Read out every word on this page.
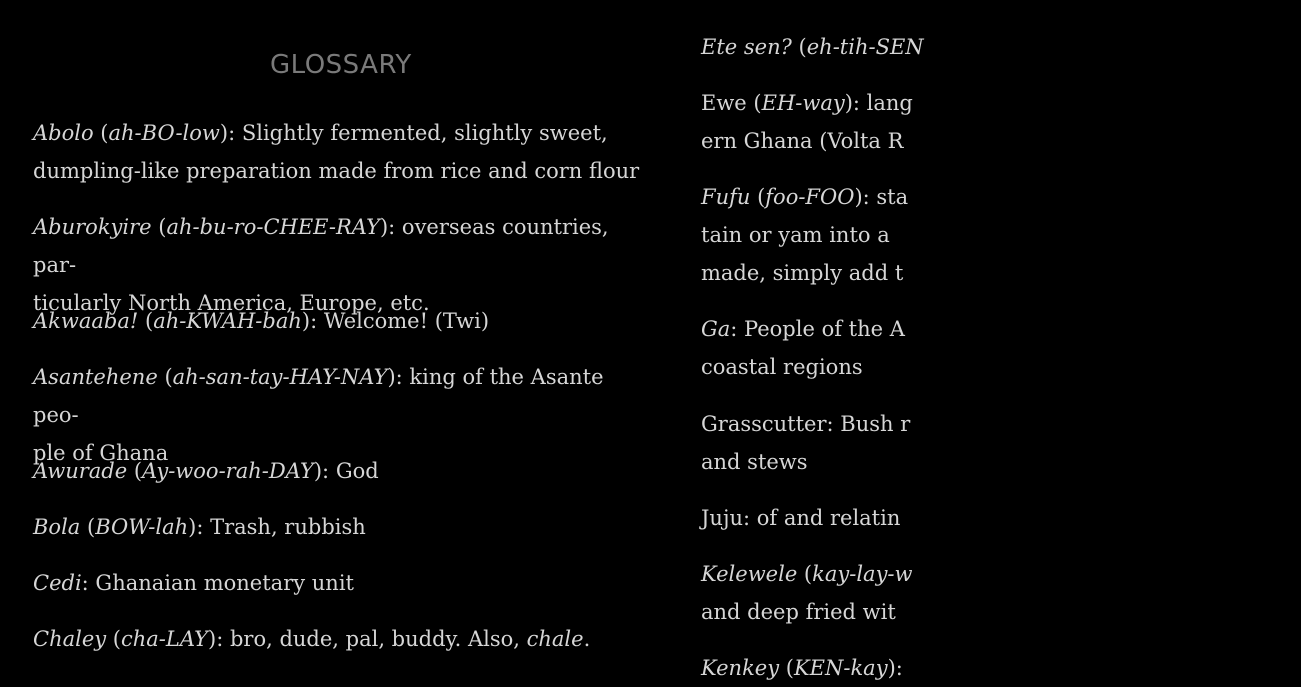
GLOSSARY
Abolo (ah-BO-low): Slightly fermented, slightly sweet,
dumpling-like preparation made from rice and corn flour
Aburokyire (ah-bu-ro-CHEE-RAY): overseas countries, par-
ticularly North America, Europe, etc.
Akwaaba! (ah-KWAH-bah): Welcome! (Twi)
Asantehene (ah-san-tay-HAY-NAY): king of the Asante peo-
ple of Ghana
Awurade (Ay-woo-rah-DAY): God
Bola (BOW-lah): Trash, rubbish
Cedi: Ghanaian monetary unit
Chaley (cha-LAY): bro, dude, pal, buddy. Also, chale.
Ete sen? (eh-tih-SEN
Ewe (EH-way): lang
ern Ghana (Volta R
Fufu (foo-FOO): sta
tain or yam into a
made, simply add t
Ga: People of the A
coastal regions
Grasscutter: Bush r
and stews
Juju: of and relatin
Kelewele (kay-lay-w
and deep fried wit
Kenkey (KEN-kay):
